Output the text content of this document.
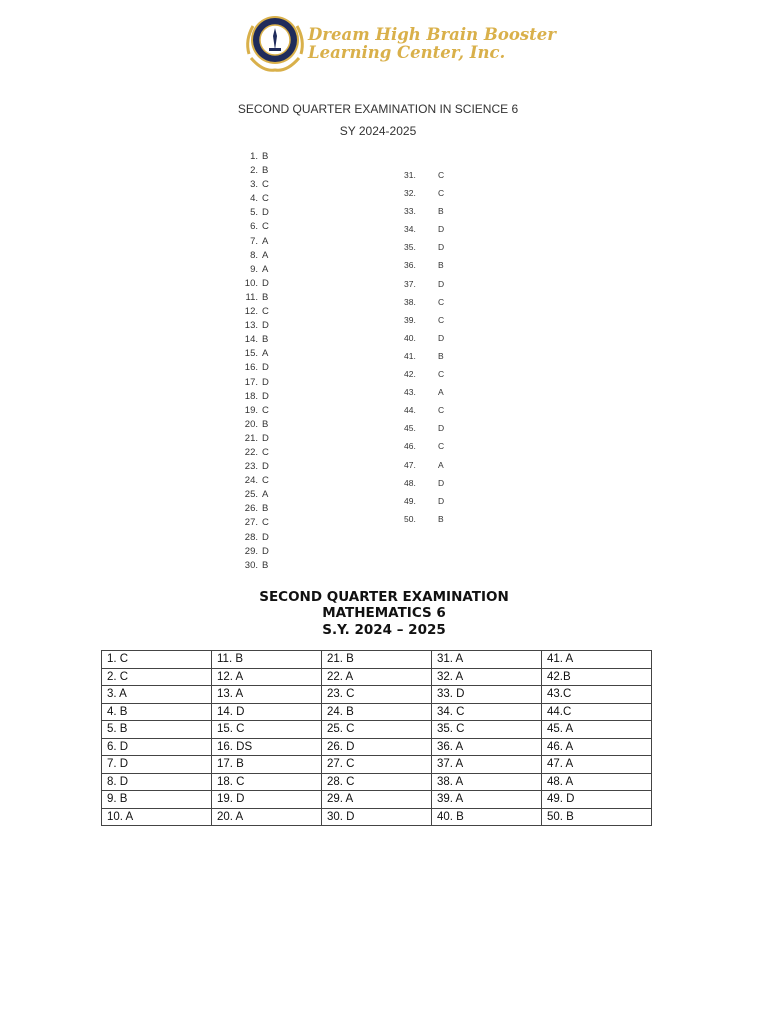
Dream High Brain Booster
Learning Center, Inc.
SECOND QUARTER EXAMINATION IN SCIENCE 6
SY 2024-2025
1. B
2. B
3. C
4. C
5. D
6. C
7. A
8. A
9. A
10. D
11. B
12. C
13. D
14. B
15. A
16. D
17. D
18. D
19. C
20. B
21. D
22. C
23. D
24. C
25. A
26. B
27. C
28. D
29. D
30. B
31.	C
32.	C
33.	B
34.	D
35.	D
36.	B
37.	D
38.	C
39.	C
40.	D
41.	B
42.	C
43.	A
44.	C
45.	D
46.	C
47.	A
48.	D
49.	D
50.	B
SECOND QUARTER EXAMINATION
MATHEMATICS 6
S.Y. 2024 – 2025
1. C	11. B	21. B	31. A	41. A
2. C	12. A	22. A	32. A	42.B
3. A	13. A	23. C	33. D	43.C
4. B	14. D	24. B	34. C	44.C
5. B	15. C	25. C	35. C	45. A
6. D	16. DS	26. D	36. A	46. A
7. D	17. B	27. C	37. A	47. A
8. D	18. C	28. C	38. A	48. A
9. B	19. D	29. A	39. A	49. D
10. A	20. A	30. D	40. B	50. B
